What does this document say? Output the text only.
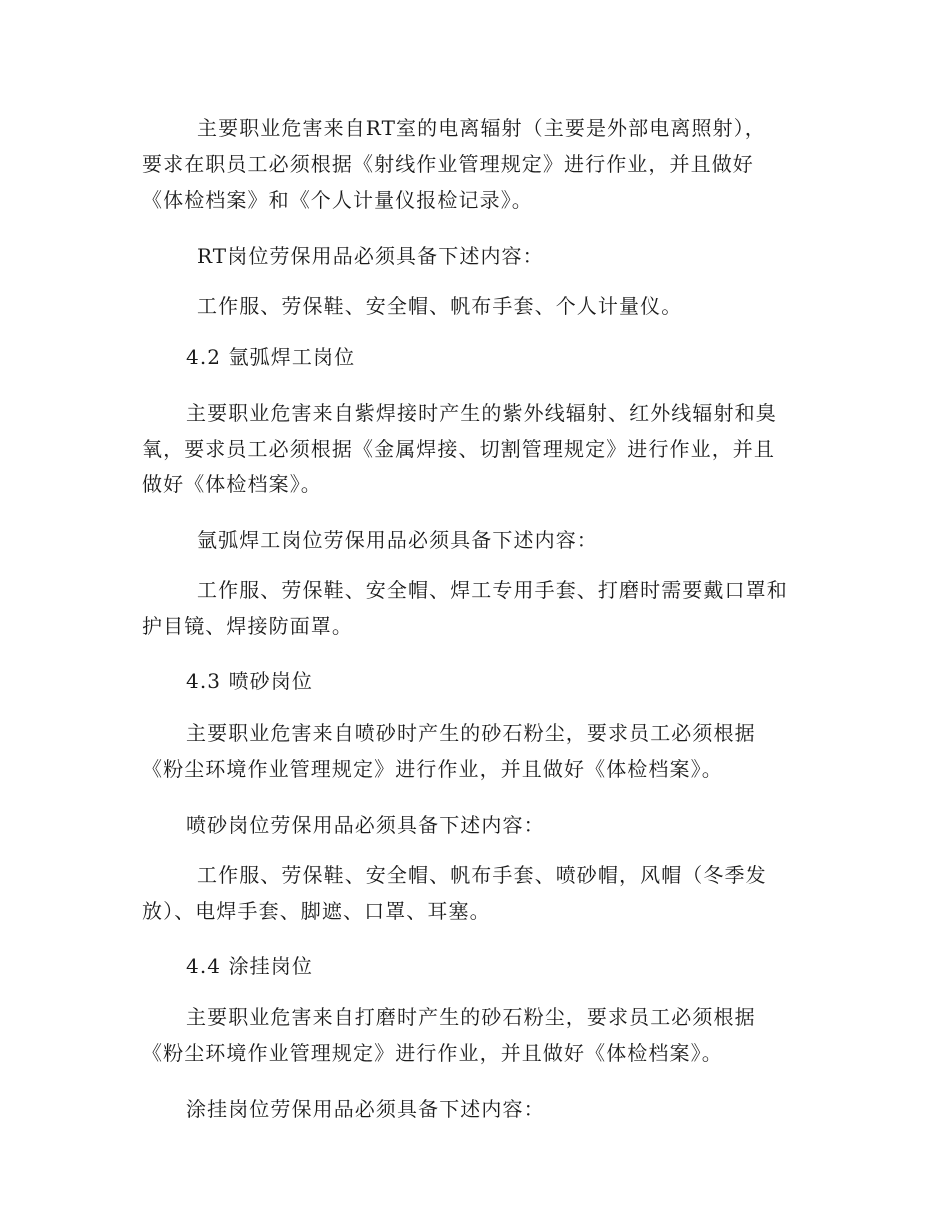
主要职业危害来自RT室的电离辐射（主要是外部电离照射），
要求在职员工必须根据《射线作业管理规定》进行作业，并且做好
《体检档案》和《个人计量仪报检记录》。
RT岗位劳保用品必须具备下述内容：
工作服、劳保鞋、安全帽、帆布手套、个人计量仪。
4.2 氩弧焊工岗位
主要职业危害来自紫焊接时产生的紫外线辐射、红外线辐射和臭
氧，要求员工必须根据《金属焊接、切割管理规定》进行作业，并且
做好《体检档案》。
氩弧焊工岗位劳保用品必须具备下述内容：
工作服、劳保鞋、安全帽、焊工专用手套、打磨时需要戴口罩和
护目镜、焊接防面罩。
4.3 喷砂岗位
主要职业危害来自喷砂时产生的砂石粉尘，要求员工必须根据
《粉尘环境作业管理规定》进行作业，并且做好《体检档案》。
喷砂岗位劳保用品必须具备下述内容：
工作服、劳保鞋、安全帽、帆布手套、喷砂帽，风帽（冬季发
放）、电焊手套、脚遮、口罩、耳塞。
4.4 涂挂岗位
主要职业危害来自打磨时产生的砂石粉尘，要求员工必须根据
《粉尘环境作业管理规定》进行作业，并且做好《体检档案》。
涂挂岗位劳保用品必须具备下述内容：
